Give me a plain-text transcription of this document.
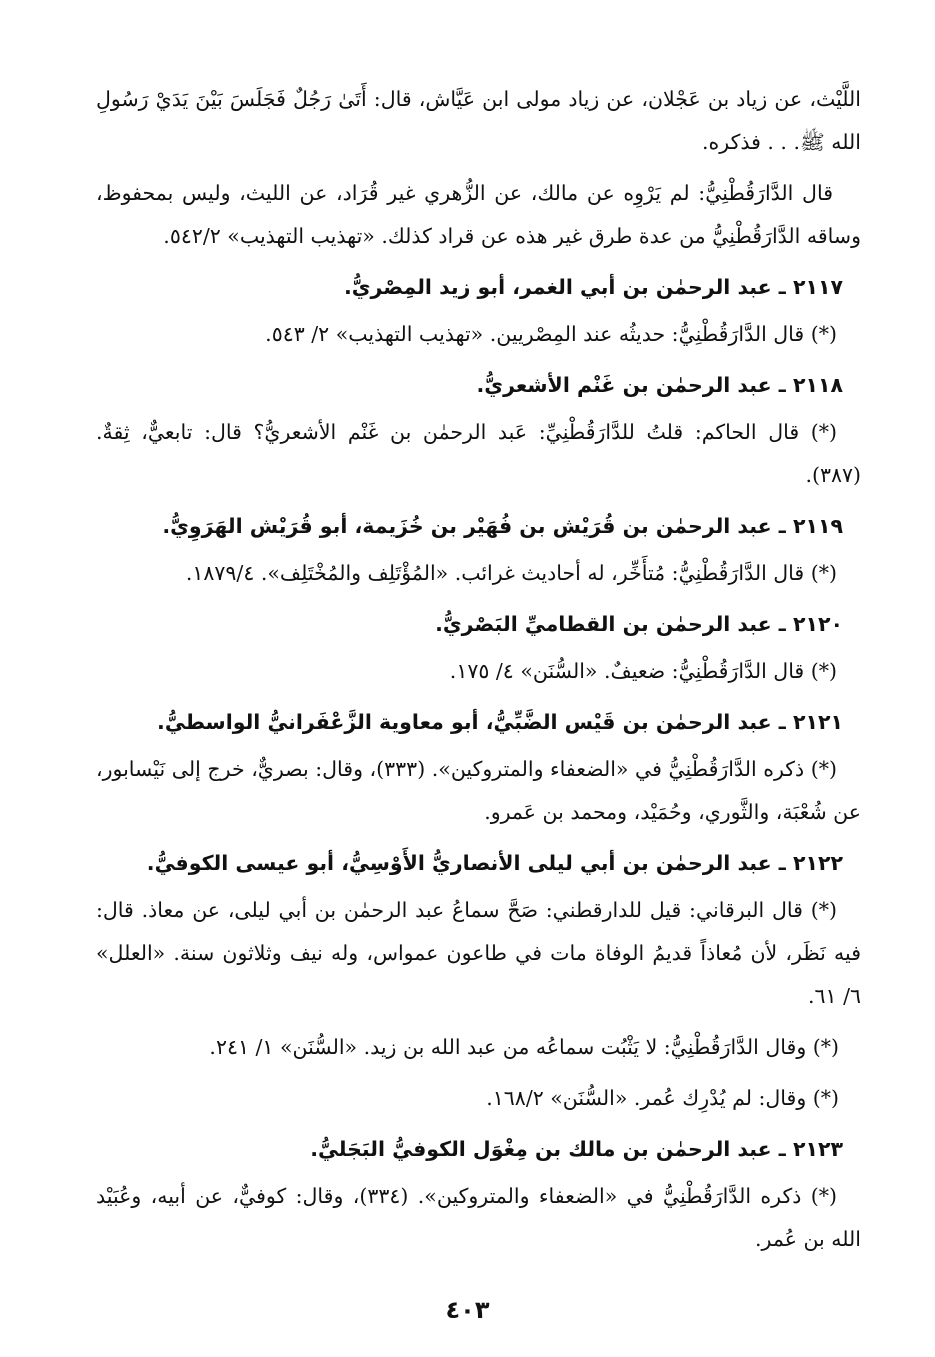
اللَّيْث، عن زياد بن عَجْلان، عن زياد مولى ابن عَيَّاش، قال: أَتَىٰ رَجُلٌ فَجَلَسَ بَيْنَ يَدَيْ رَسُولِ الله ﷺ. . . فذكره.

قال الدَّارَقُطْنِيُّ: لم يَرْوِه عن مالك، عن الزُّهري غير قُرَاد، عن الليث، وليس بمحفوظ، وساقه الدَّارَقُطْنِيُّ من عدة طرق غير هذه عن قراد كذلك. «تهذيب التهذيب» ٥٤٢/٢.

٢١١٧ ـ عبد الرحمٰن بن أبي الغمر، أبو زيد المِصْريُّ.

(*) قال الدَّارَقُطْنِيُّ: حديثُه عند المِصْريين. «تهذيب التهذيب» ٢/ ٥٤٣.

٢١١٨ ـ عبد الرحمٰن بن غَنْم الأشعريُّ.

(*) قال الحاكم: قلتُ للدَّارَقُطْنِيِّ: عَبد الرحمٰن بن غَنْم الأشعريُّ؟ قال: تابعيٌّ، ثِقةٌ. (٣٨٧).

٢١١٩ ـ عبد الرحمٰن بن قُرَيْش بن فُهَيْر بن خُزَيمة، أبو قُرَيْش الهَرَوِيُّ.

(*) قال الدَّارَقُطْنِيُّ: مُتأَخِّر، له أحاديث غرائب. «المُؤْتَلِف والمُخْتَلِف». ١٨٧٩/٤.

٢١٢٠ ـ عبد الرحمٰن بن القطاميِّ البَصْريُّ.

(*) قال الدَّارَقُطْنِيُّ: ضعيفٌ. «السُّنَن» ٤/ ١٧٥.

٢١٢١ ـ عبد الرحمٰن بن قَيْس الضَّبِّيُّ، أبو معاوية الزَّعْفَرانيُّ الواسطيُّ.

(*) ذكره الدَّارَقُطْنِيُّ في «الضعفاء والمتروكين». (٣٣٣)، وقال: بصريٌّ، خرج إلى نَيْسابور، عن شُعْبَة، والثَّوري، وحُمَيْد، ومحمد بن عَمرو.

٢١٢٢ ـ عبد الرحمٰن بن أبي ليلى الأنصاريُّ الأَوْسِيُّ، أبو عيسى الكوفيُّ.

(*) قال البرقاني: قيل للدارقطني: صَحَّ سماعُ عبد الرحمٰن بن أبي ليلى، عن معاذ. قال: فيه نَظَر، لأن مُعاذاً قديمُ الوفاة مات في طاعون عمواس، وله نيف وثلاثون سنة. «العلل» ٦/ ٦١.

(*) وقال الدَّارَقُطْنِيُّ: لا يَثْبُت سماعُه من عبد الله بن زيد. «السُّنَن» ١/ ٢٤١.

(*) وقال: لم يُدْرِك عُمر. «السُّنَن» ١٦٨/٢.

٢١٢٣ ـ عبد الرحمٰن بن مالك بن مِغْوَل الكوفيُّ البَجَليُّ.

(*) ذكره الدَّارَقُطْنِيُّ في «الضعفاء والمتروكين». (٣٣٤)، وقال: كوفيٌّ، عن أبيه، وعُبَيْد الله بن عُمر.

٤٠٣
